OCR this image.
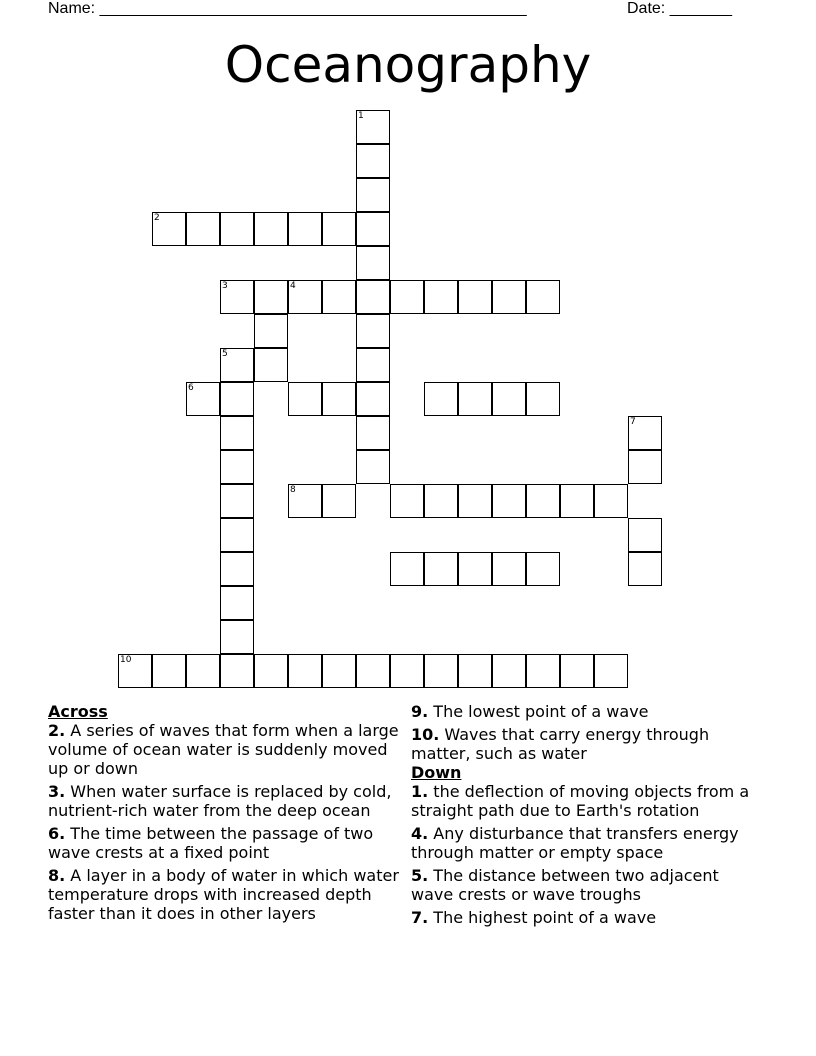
Name: ________________________________________________	Date: _______
Oceanography
1
2
3	4
5
6
7
8
10
Across
2. A series of waves that form when a large volume of ocean water is suddenly moved up or down
3. When water surface is replaced by cold, nutrient-rich water from the deep ocean
6. The time between the passage of two wave crests at a fixed point
8. A layer in a body of water in which water temperature drops with increased depth faster than it does in other layers
9. The lowest point of a wave
10. Waves that carry energy through matter, such as water
Down
1. the deflection of moving objects from a straight path due to Earth's rotation
4. Any disturbance that transfers energy through matter or empty space
5. The distance between two adjacent wave crests or wave troughs
7. The highest point of a wave
